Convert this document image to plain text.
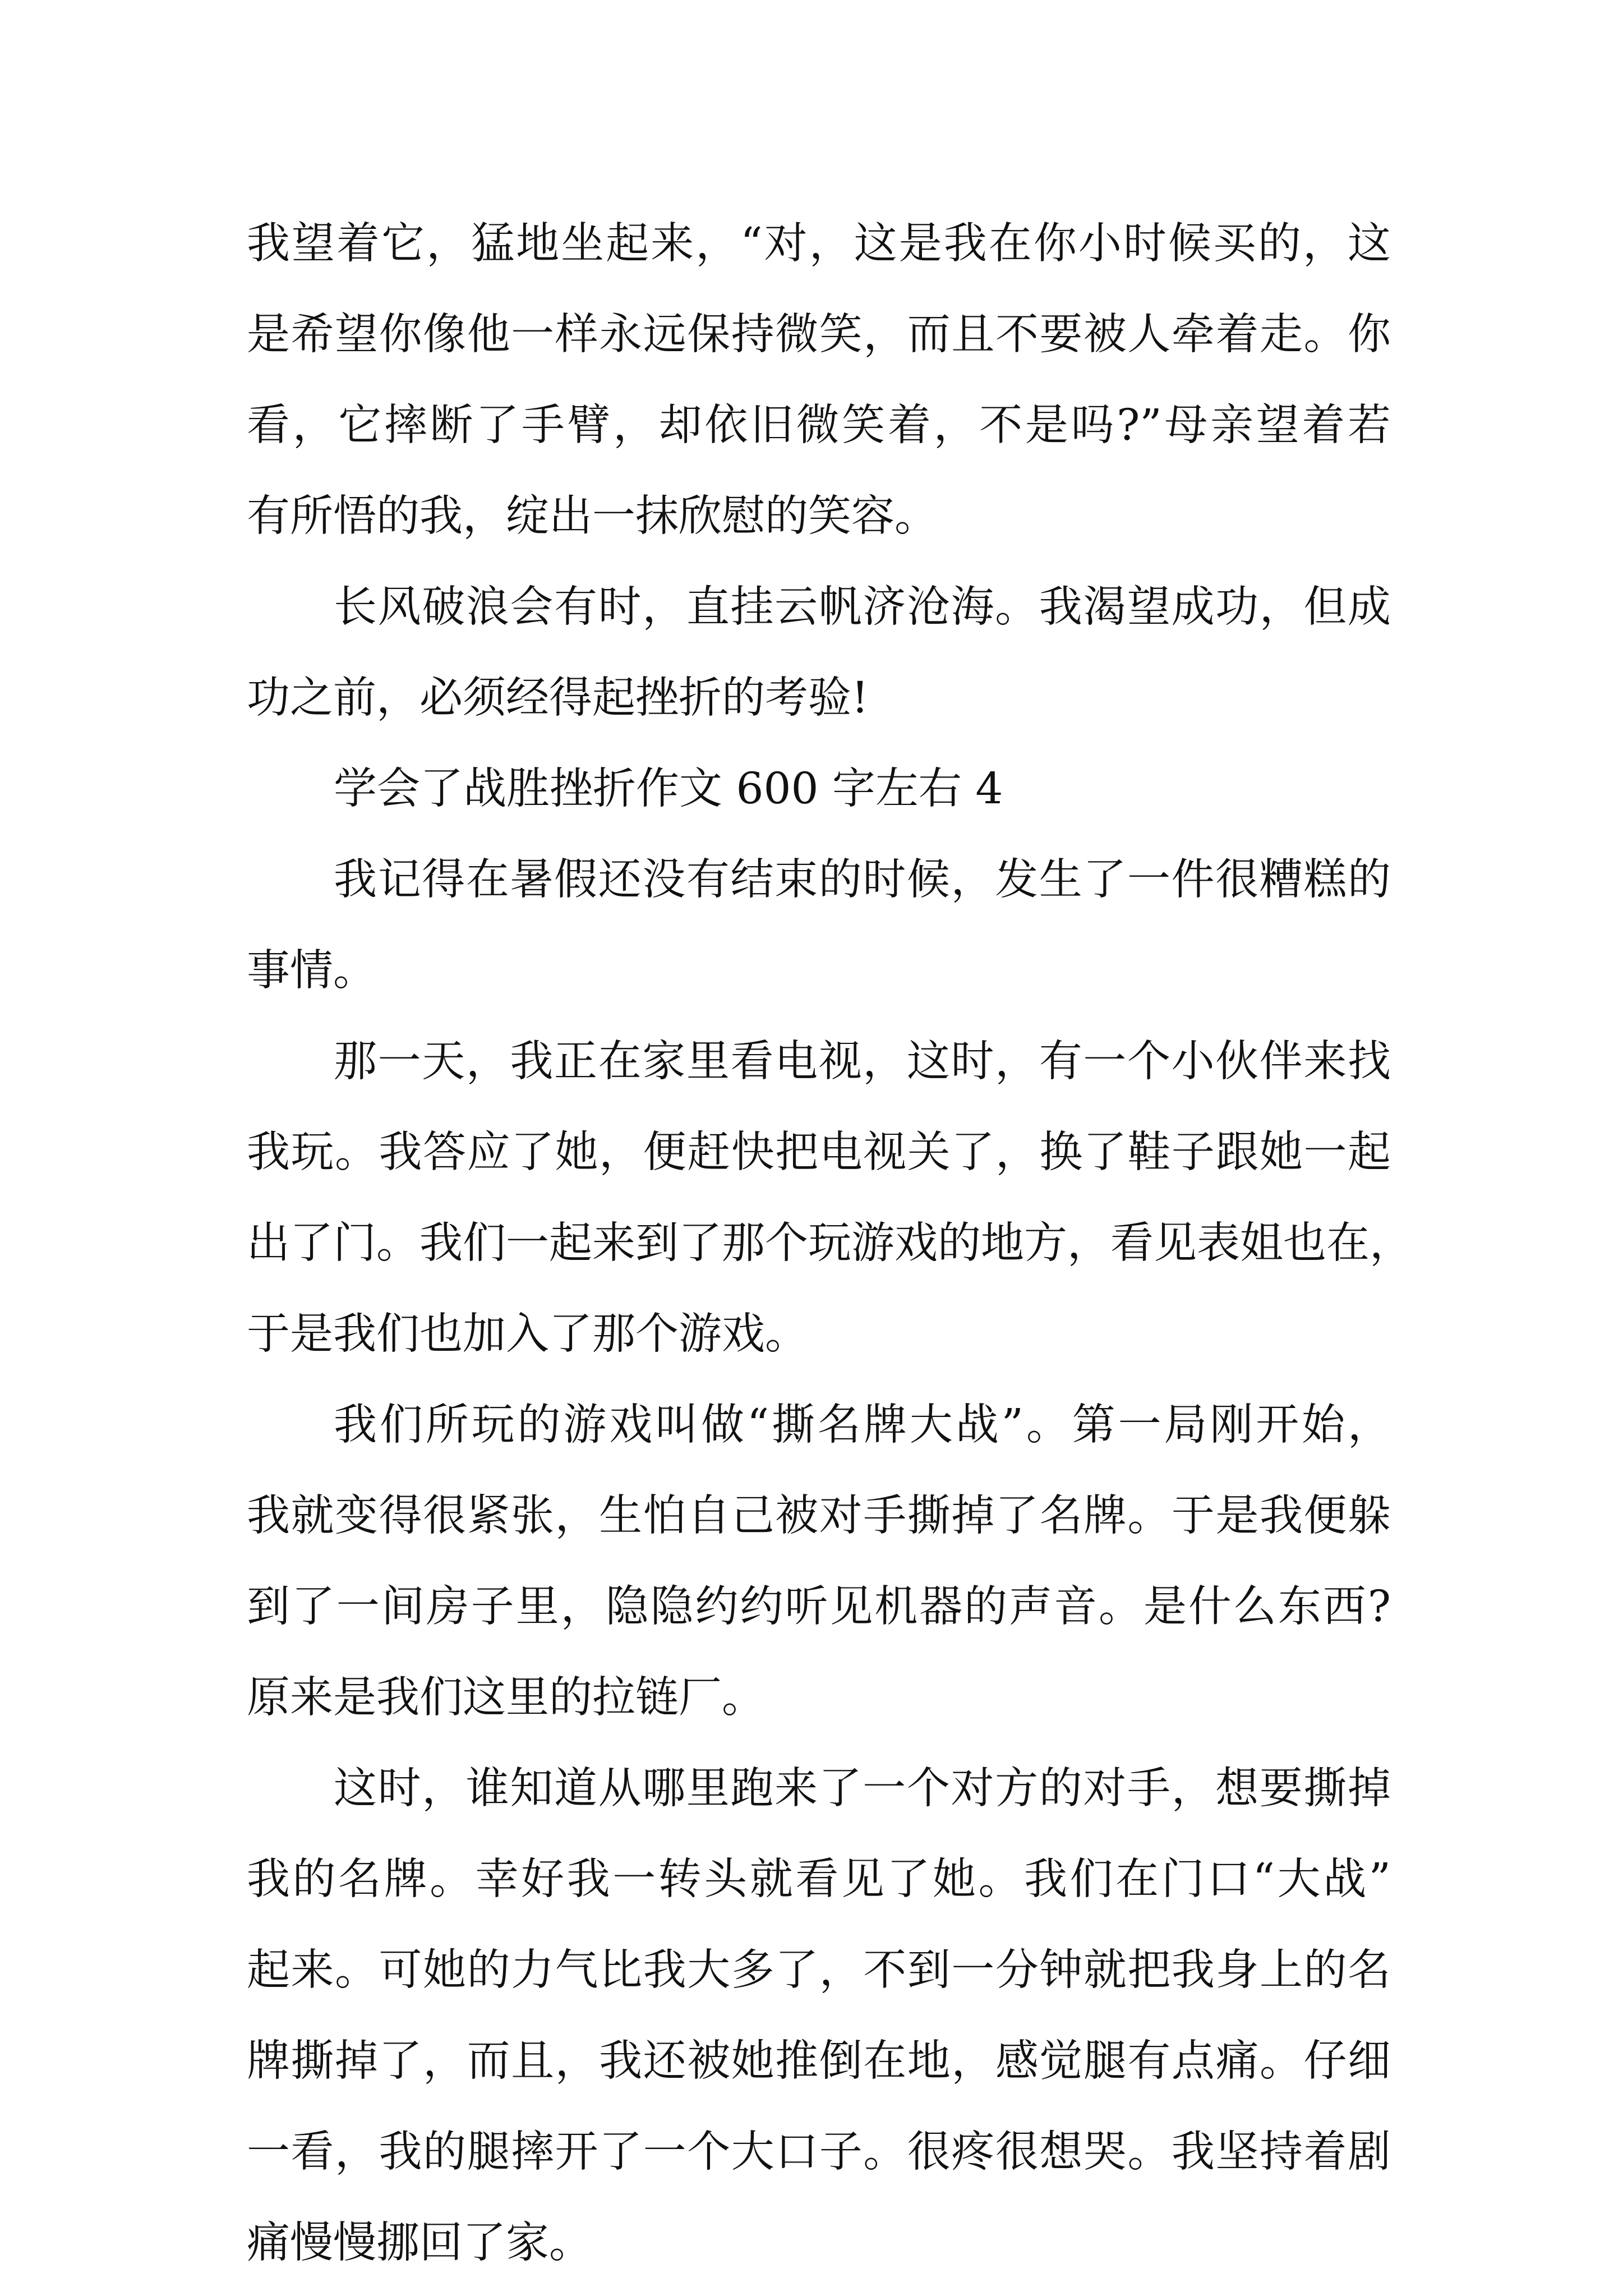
我望着它，猛地坐起来，“对，这是我在你小时候买的，这
是希望你像他一样永远保持微笑，而且不要被人牵着走。你
看，它摔断了手臂，却依旧微笑着，不是吗?”母亲望着若
有所悟的我，绽出一抹欣慰的笑容。
长风破浪会有时，直挂云帆济沧海。我渴望成功，但成
功之前，必须经得起挫折的考验!
学会了战胜挫折作文 600 字左右 4
我记得在暑假还没有结束的时候，发生了一件很糟糕的
事情。
那一天，我正在家里看电视，这时，有一个小伙伴来找
我玩。我答应了她，便赶快把电视关了，换了鞋子跟她一起
出了门。我们一起来到了那个玩游戏的地方，看见表姐也在，
于是我们也加入了那个游戏。
我们所玩的游戏叫做“撕名牌大战”。第一局刚开始，
我就变得很紧张，生怕自己被对手撕掉了名牌。于是我便躲
到了一间房子里，隐隐约约听见机器的声音。是什么东西?
原来是我们这里的拉链厂。
这时，谁知道从哪里跑来了一个对方的对手，想要撕掉
我的名牌。幸好我一转头就看见了她。我们在门口“大战”
起来。可她的力气比我大多了，不到一分钟就把我身上的名
牌撕掉了，而且，我还被她推倒在地，感觉腿有点痛。仔细
一看，我的腿摔开了一个大口子。很疼很想哭。我坚持着剧
痛慢慢挪回了家。
